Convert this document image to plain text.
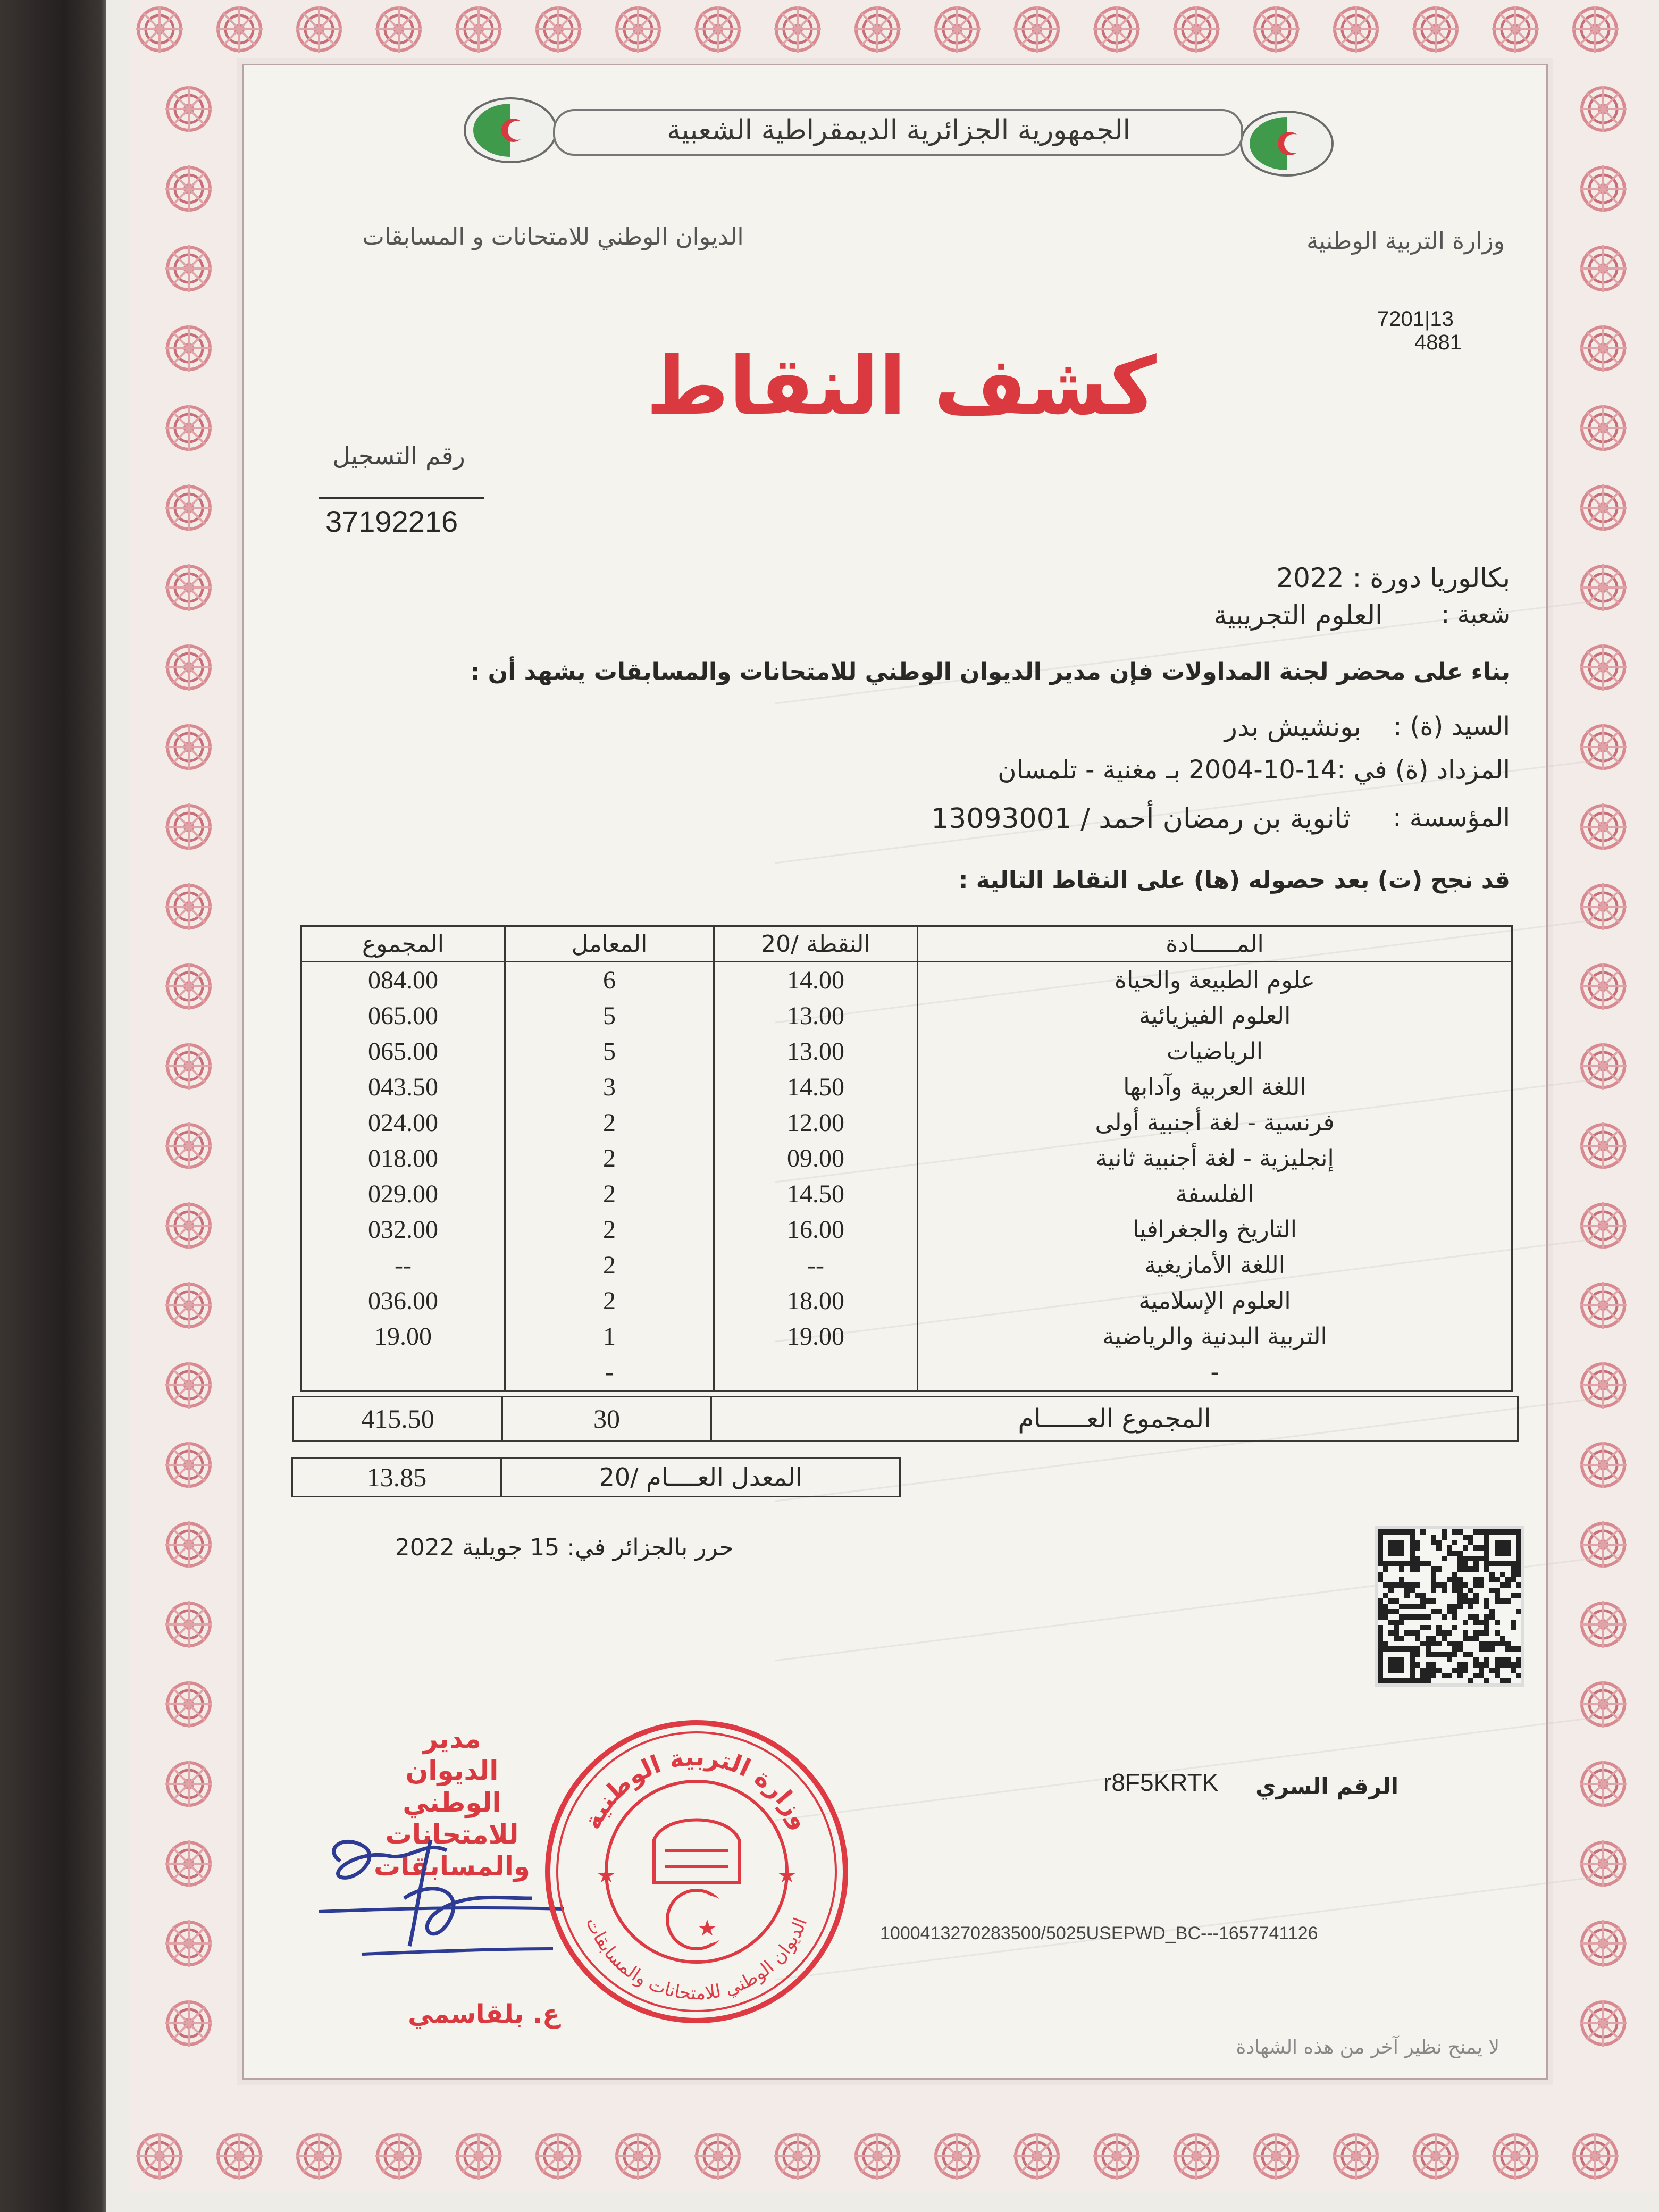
الجمهورية الجزائرية الديمقراطية الشعبية
الديوان الوطني للامتحانات و المسابقات	وزارة التربية الوطنية
7201|13
4881
كشف النقاط
رقم التسجيل
37192216
بكالوريا دورة : 2022
شعبة :
العلوم التجريبية
بناء على محضر لجنة المداولات فإن مدير الديوان الوطني للامتحانات والمسابقات يشهد أن :
السيد (ة) :
بونشيش بدر
المزداد (ة) في :14-10-2004 بـ مغنية - تلمسان
المؤسسة :
ثانوية بن رمضان أحمد / 13093001
قد نجح (ت) بعد حصوله (ها) على النقاط التالية :
المجموع	المعامل	النقطة /20	المــــــادة
084.00	6	14.00	علوم الطبيعة والحياة
065.00	5	13.00	العلوم الفيزيائية
065.00	5	13.00	الرياضيات
043.50	3	14.50	اللغة العربية وآدابها
024.00	2	12.00	فرنسية - لغة أجنبية أولى
018.00	2	09.00	إنجليزية - لغة أجنبية ثانية
029.00	2	14.50	الفلسفة
032.00	2	16.00	التاريخ والجغرافيا
--	2	--	اللغة الأمازيغية
036.00	2	18.00	العلوم الإسلامية
19.00	1	19.00	التربية البدنية والرياضية
	-		-
415.50	30	المجموع العــــــام
13.85	المعدل العــــام /20
حرر بالجزائر في: 15 جويلية 2022
الرقم السري
r8F5KRTK
1000413270283500/5025USEPWD_BC---1657741126
مدير
الديوان الوطني
للامتحانات
والمسابقات
ع. بلقاسمي
وزارة التربية الوطنية
الديوان الوطني للامتحانات والمسابقات
لا يمنح نظير آخر من هذه الشهادة
